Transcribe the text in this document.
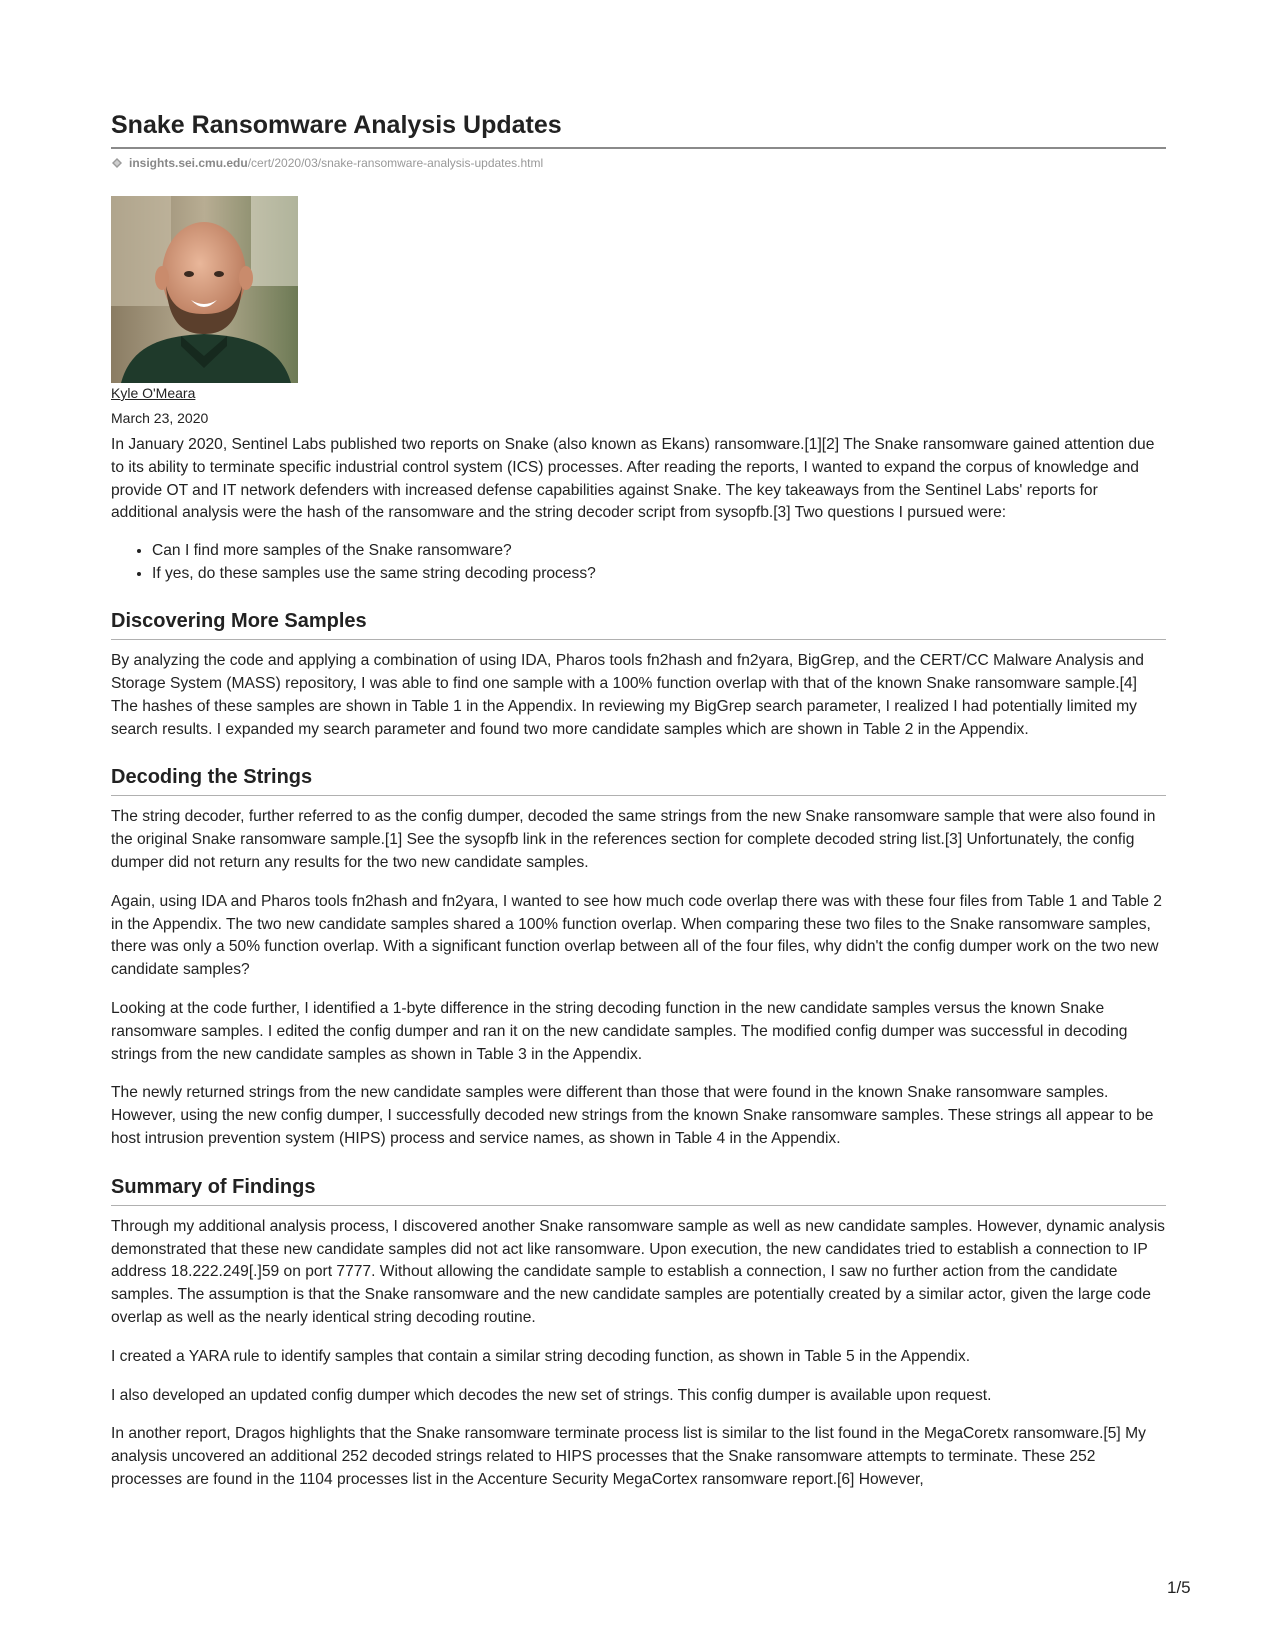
Snake Ransomware Analysis Updates
insights.sei.cmu.edu /cert/2020/03/snake-ransomware-analysis-updates.html
Kyle O'Meara
March 23, 2020

In January 2020, Sentinel Labs published two reports on Snake (also known as Ekans) ransomware.[1][2] The Snake ransomware gained attention due to its ability to terminate specific industrial control system (ICS) processes. After reading the reports, I wanted to expand the corpus of knowledge and provide OT and IT network defenders with increased defense capabilities against Snake. The key takeaways from the Sentinel Labs' reports for additional analysis were the hash of the ransomware and the string decoder script from sysopfb.[3] Two questions I pursued were:

• Can I find more samples of the Snake ransomware?
• If yes, do these samples use the same string decoding process?
Discovering More Samples

By analyzing the code and applying a combination of using IDA, Pharos tools fn2hash and fn2yara, BigGrep, and the CERT/CC Malware Analysis and Storage System (MASS) repository, I was able to find one sample with a 100% function overlap with that of the known Snake ransomware sample.[4] The hashes of these samples are shown in Table 1 in the Appendix. In reviewing my BigGrep search parameter, I realized I had potentially limited my search results. I expanded my search parameter and found two more candidate samples which are shown in Table 2 in the Appendix.

Decoding the Strings

The string decoder, further referred to as the config dumper, decoded the same strings from the new Snake ransomware sample that were also found in the original Snake ransomware sample.[1] See the sysopfb link in the references section for complete decoded string list.[3] Unfortunately, the config dumper did not return any results for the two new candidate samples.

Again, using IDA and Pharos tools fn2hash and fn2yara, I wanted to see how much code overlap there was with these four files from Table 1 and Table 2 in the Appendix. The two new candidate samples shared a 100% function overlap. When comparing these two files to the Snake ransomware samples, there was only a 50% function overlap. With a significant function overlap between all of the four files, why didn't the config dumper work on the two new candidate samples?

Looking at the code further, I identified a 1-byte difference in the string decoding function in the new candidate samples versus the known Snake ransomware samples. I edited the config dumper and ran it on the new candidate samples. The modified config dumper was successful in decoding strings from the new candidate samples as shown in Table 3 in the Appendix.

The newly returned strings from the new candidate samples were different than those that were found in the known Snake ransomware samples. However, using the new config dumper, I successfully decoded new strings from the known Snake ransomware samples. These strings all appear to be host intrusion prevention system (HIPS) process and service names, as shown in Table 4 in the Appendix.

Summary of Findings

Through my additional analysis process, I discovered another Snake ransomware sample as well as new candidate samples. However, dynamic analysis demonstrated that these new candidate samples did not act like ransomware. Upon execution, the new candidates tried to establish a connection to IP address 18.222.249[.]59 on port 7777. Without allowing the candidate sample to establish a connection, I saw no further action from the candidate samples. The assumption is that the Snake ransomware and the new candidate samples are potentially created by a similar actor, given the large code overlap as well as the nearly identical string decoding routine.

I created a YARA rule to identify samples that contain a similar string decoding function, as shown in Table 5 in the Appendix.

I also developed an updated config dumper which decodes the new set of strings. This config dumper is available upon request.

In another report, Dragos highlights that the Snake ransomware terminate process list is similar to the list found in the MegaCoretx ransomware.[5] My analysis uncovered an additional 252 decoded strings related to HIPS processes that the Snake ransomware attempts to terminate. These 252 processes are found in the 1104 processes list in the Accenture Security MegaCortex ransomware report.[6] However,

1/5
